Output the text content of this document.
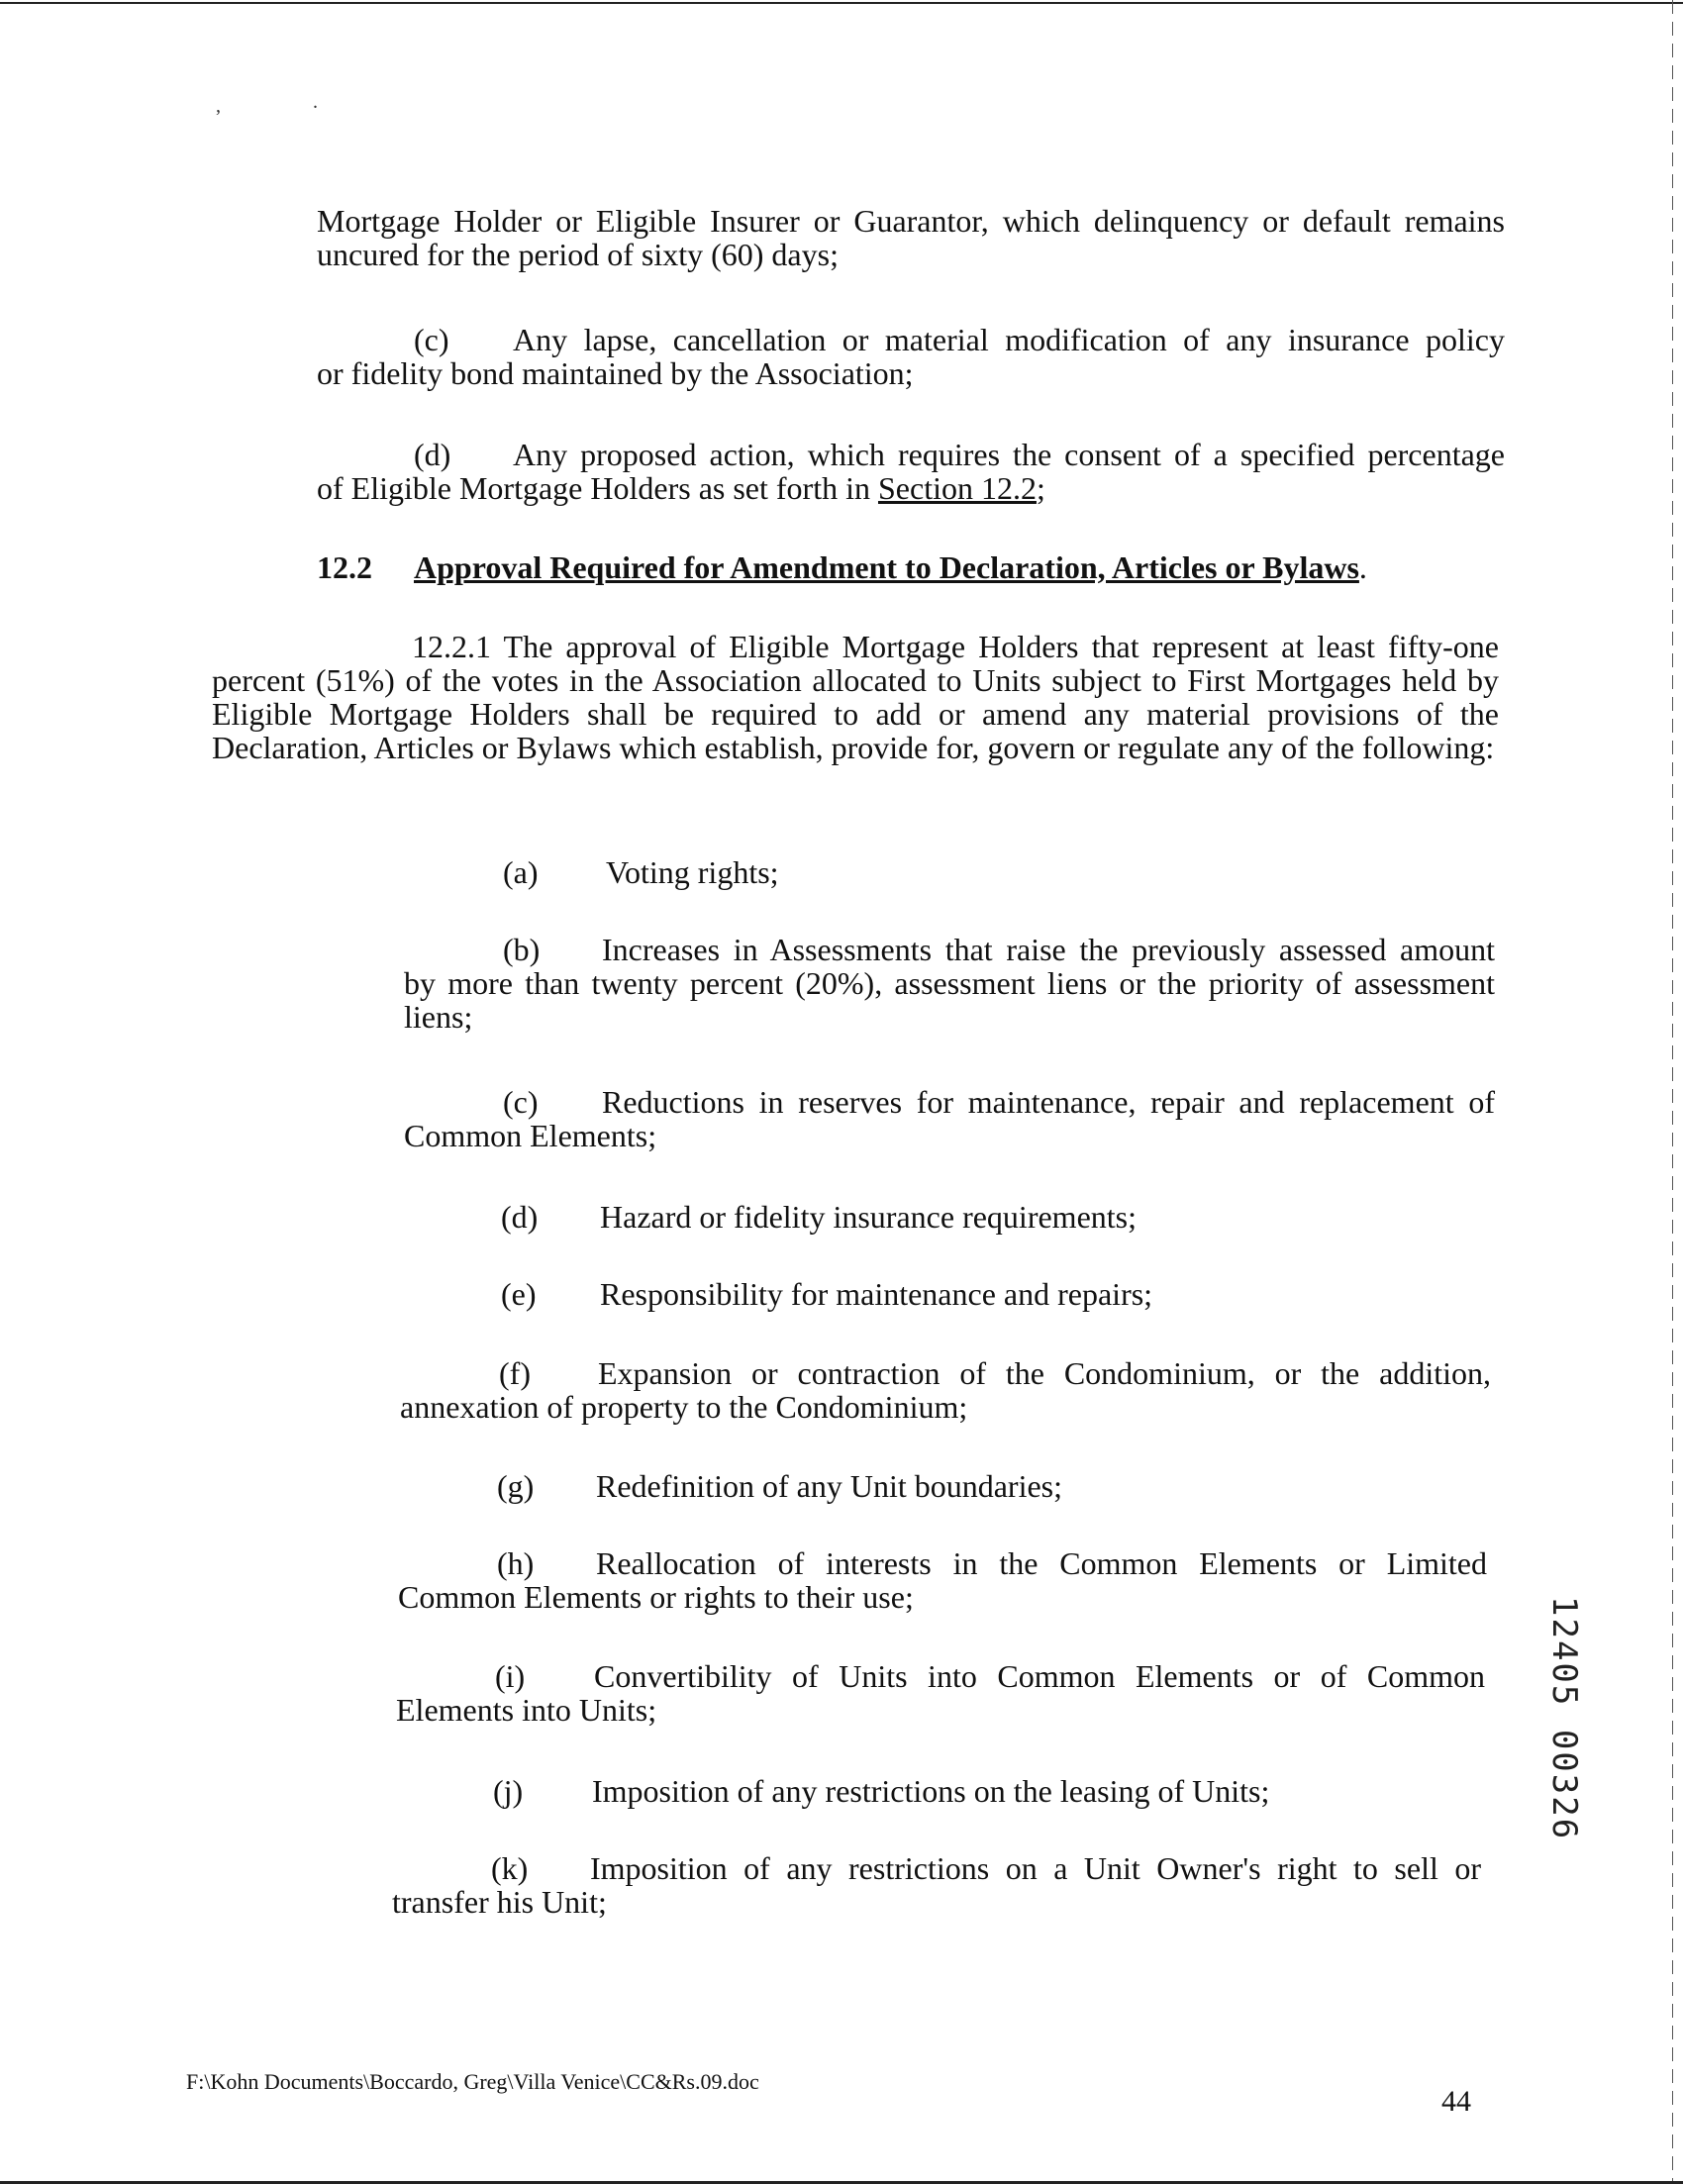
,	.
Mortgage Holder or Eligible Insurer or Guarantor, which delinquency or default remains
uncured for the period of sixty (60) days;
(c) Any lapse, cancellation or material modification of any insurance policy
or fidelity bond maintained by the Association;
(d) Any proposed action, which requires the consent of a specified percentage
of Eligible Mortgage Holders as set forth in Section 12.2;
12.2 Approval Required for Amendment to Declaration, Articles or Bylaws.
12.2.1 The approval of Eligible Mortgage Holders that represent at least fifty-one percent (51%) of the votes in the Association allocated to Units subject to First Mortgages held by Eligible Mortgage Holders shall be required to add or amend any material provisions of the Declaration, Articles or Bylaws which establish, provide for, govern or regulate any of the following:
(a) Voting rights;
(b) Increases in Assessments that raise the previously assessed amount
by more than twenty percent (20%), assessment liens or the priority of assessment liens;
(c) Reductions in reserves for maintenance, repair and replacement of
Common Elements;
(d) Hazard or fidelity insurance requirements;
(e) Responsibility for maintenance and repairs;
(f) Expansion or contraction of the Condominium, or the addition,
annexation of property to the Condominium;
(g) Redefinition of any Unit boundaries;
(h) Reallocation of interests in the Common Elements or Limited
Common Elements or rights to their use;
(i) Convertibility of Units into Common Elements or of Common
Elements into Units;
(j) Imposition of any restrictions on the leasing of Units;
(k) Imposition of any restrictions on a Unit Owner's right to sell or
transfer his Unit;
12405 00326
F:\Kohn Documents\Boccardo, Greg\Villa Venice\CC&Rs.09.doc
44
